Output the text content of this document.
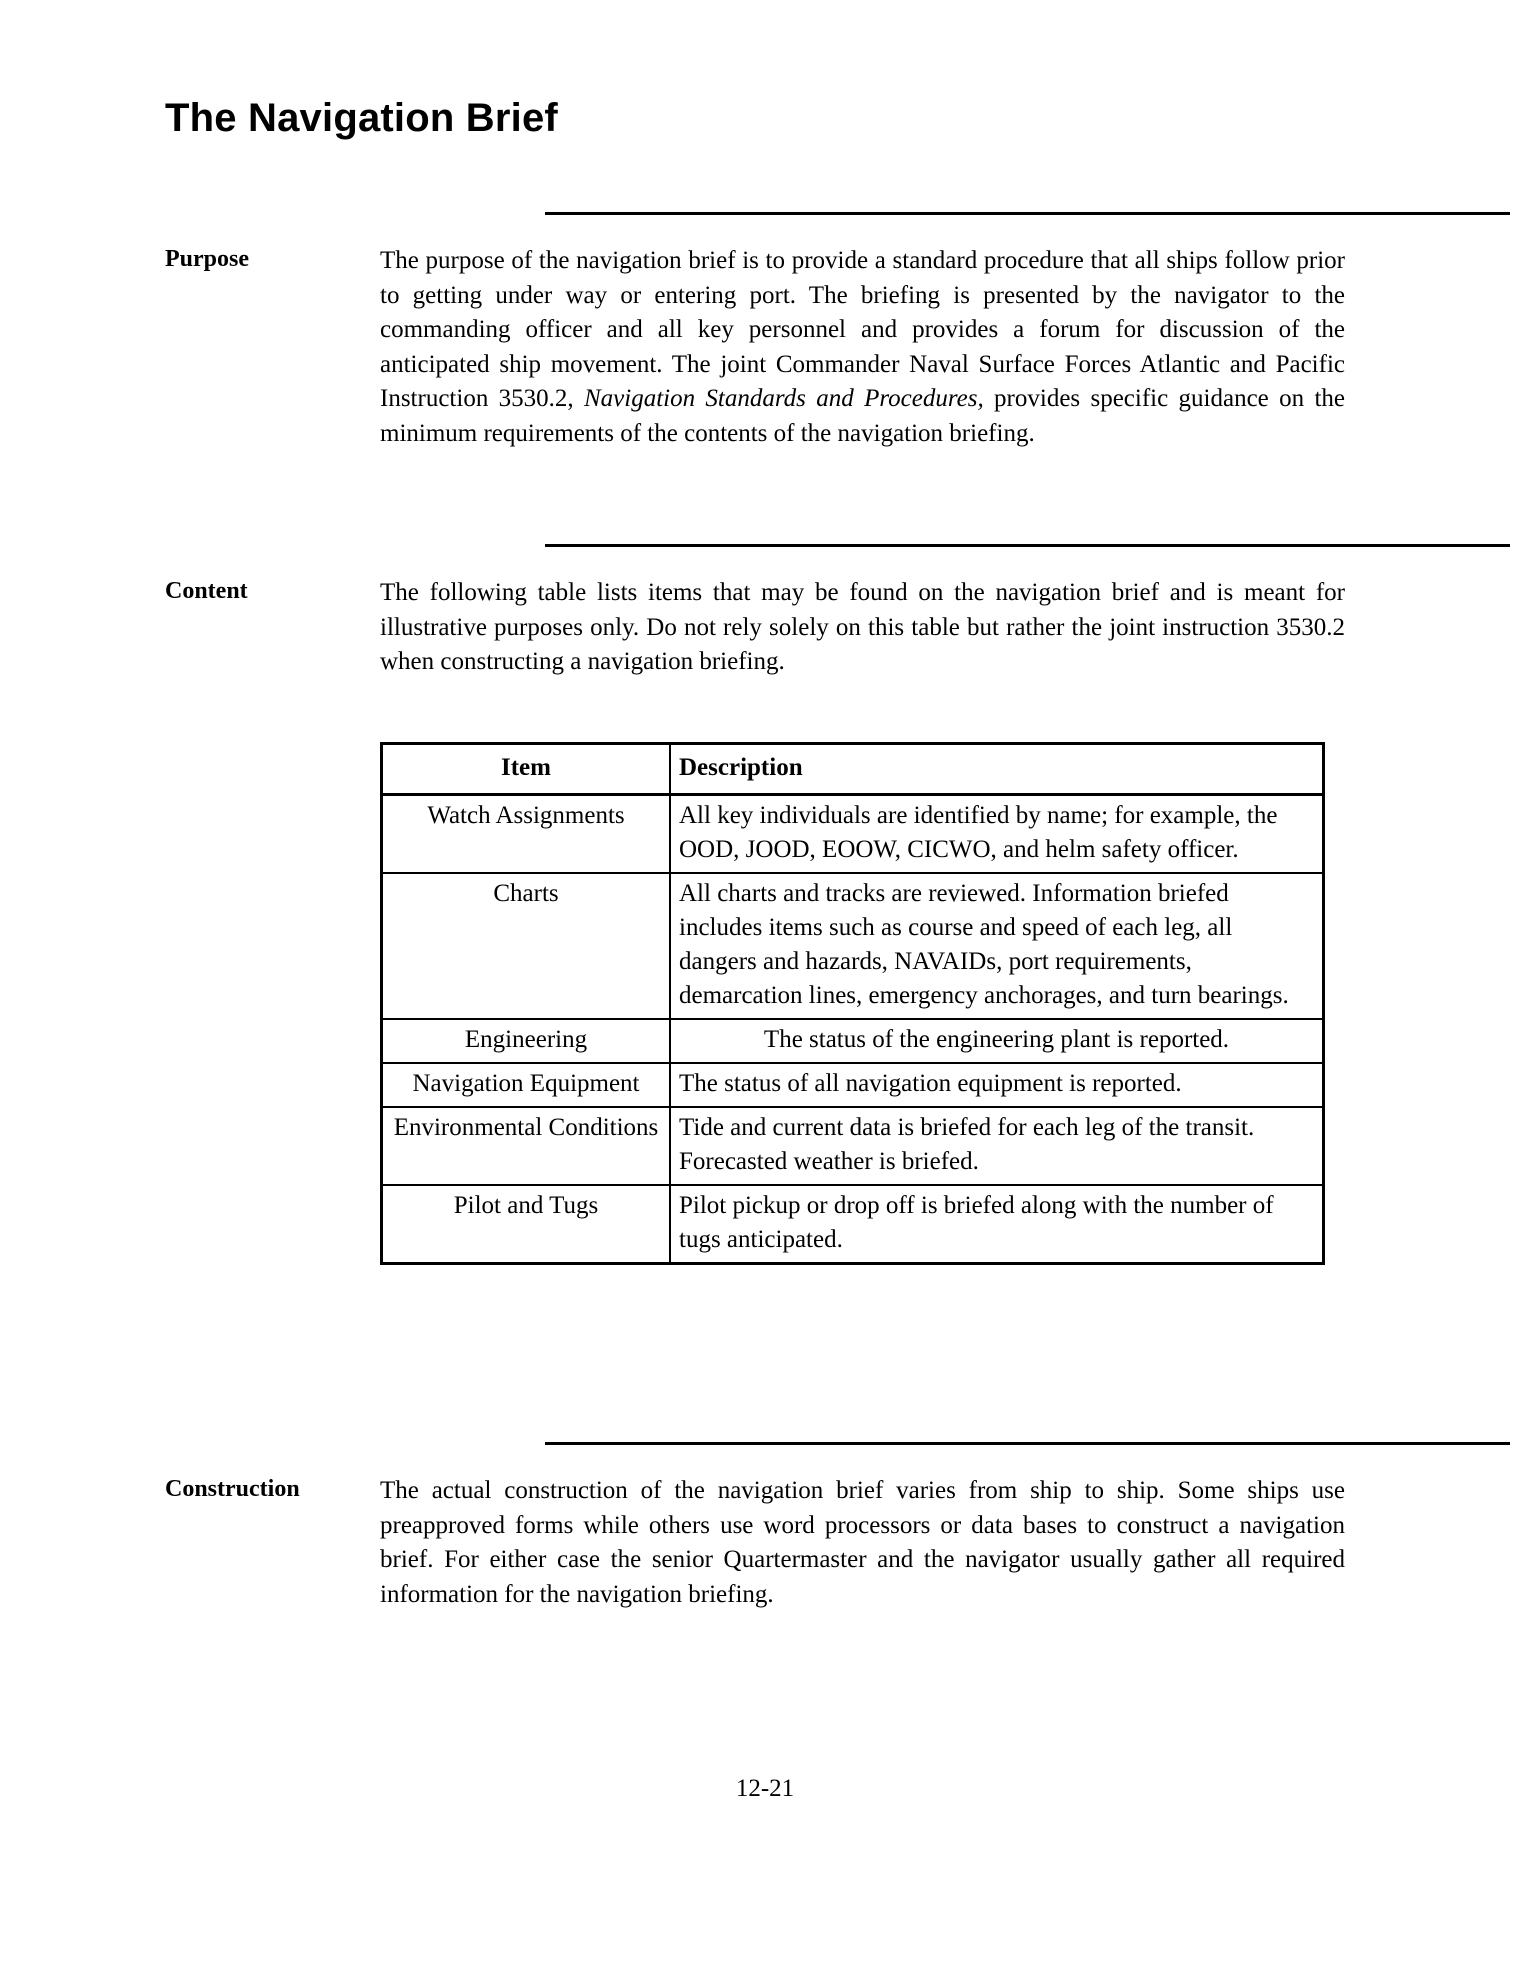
The Navigation Brief
Purpose	The purpose of the navigation brief is to provide a standard procedure that all ships follow prior to getting under way or entering port. The briefing is presented by the navigator to the commanding officer and all key personnel and provides a forum for discussion of the anticipated ship movement. The joint Commander Naval Surface Forces Atlantic and Pacific Instruction 3530.2, Navigation Standards and Procedures, provides specific guidance on the minimum requirements of the contents of the navigation briefing.
Content	The following table lists items that may be found on the navigation brief and is meant for illustrative purposes only. Do not rely solely on this table but rather the joint instruction 3530.2 when constructing a navigation briefing.
Item	Description
Watch Assignments	All key individuals are identified by name; for example, the OOD, JOOD, EOOW, CICWO, and helm safety officer.
Charts	All charts and tracks are reviewed. Information briefed includes items such as course and speed of each leg, all dangers and hazards, NAVAIDs, port requirements, demarcation lines, emergency anchorages, and turn bearings.
Engineering	The status of the engineering plant is reported.
Navigation Equipment	The status of all navigation equipment is reported.
Environmental Conditions	Tide and current data is briefed for each leg of the transit. Forecasted weather is briefed.
Pilot and Tugs	Pilot pickup or drop off is briefed along with the number of tugs anticipated.
Construction	The actual construction of the navigation brief varies from ship to ship. Some ships use preapproved forms while others use word processors or data bases to construct a navigation brief. For either case the senior Quartermaster and the navigator usually gather all required information for the navigation briefing.
12-21
